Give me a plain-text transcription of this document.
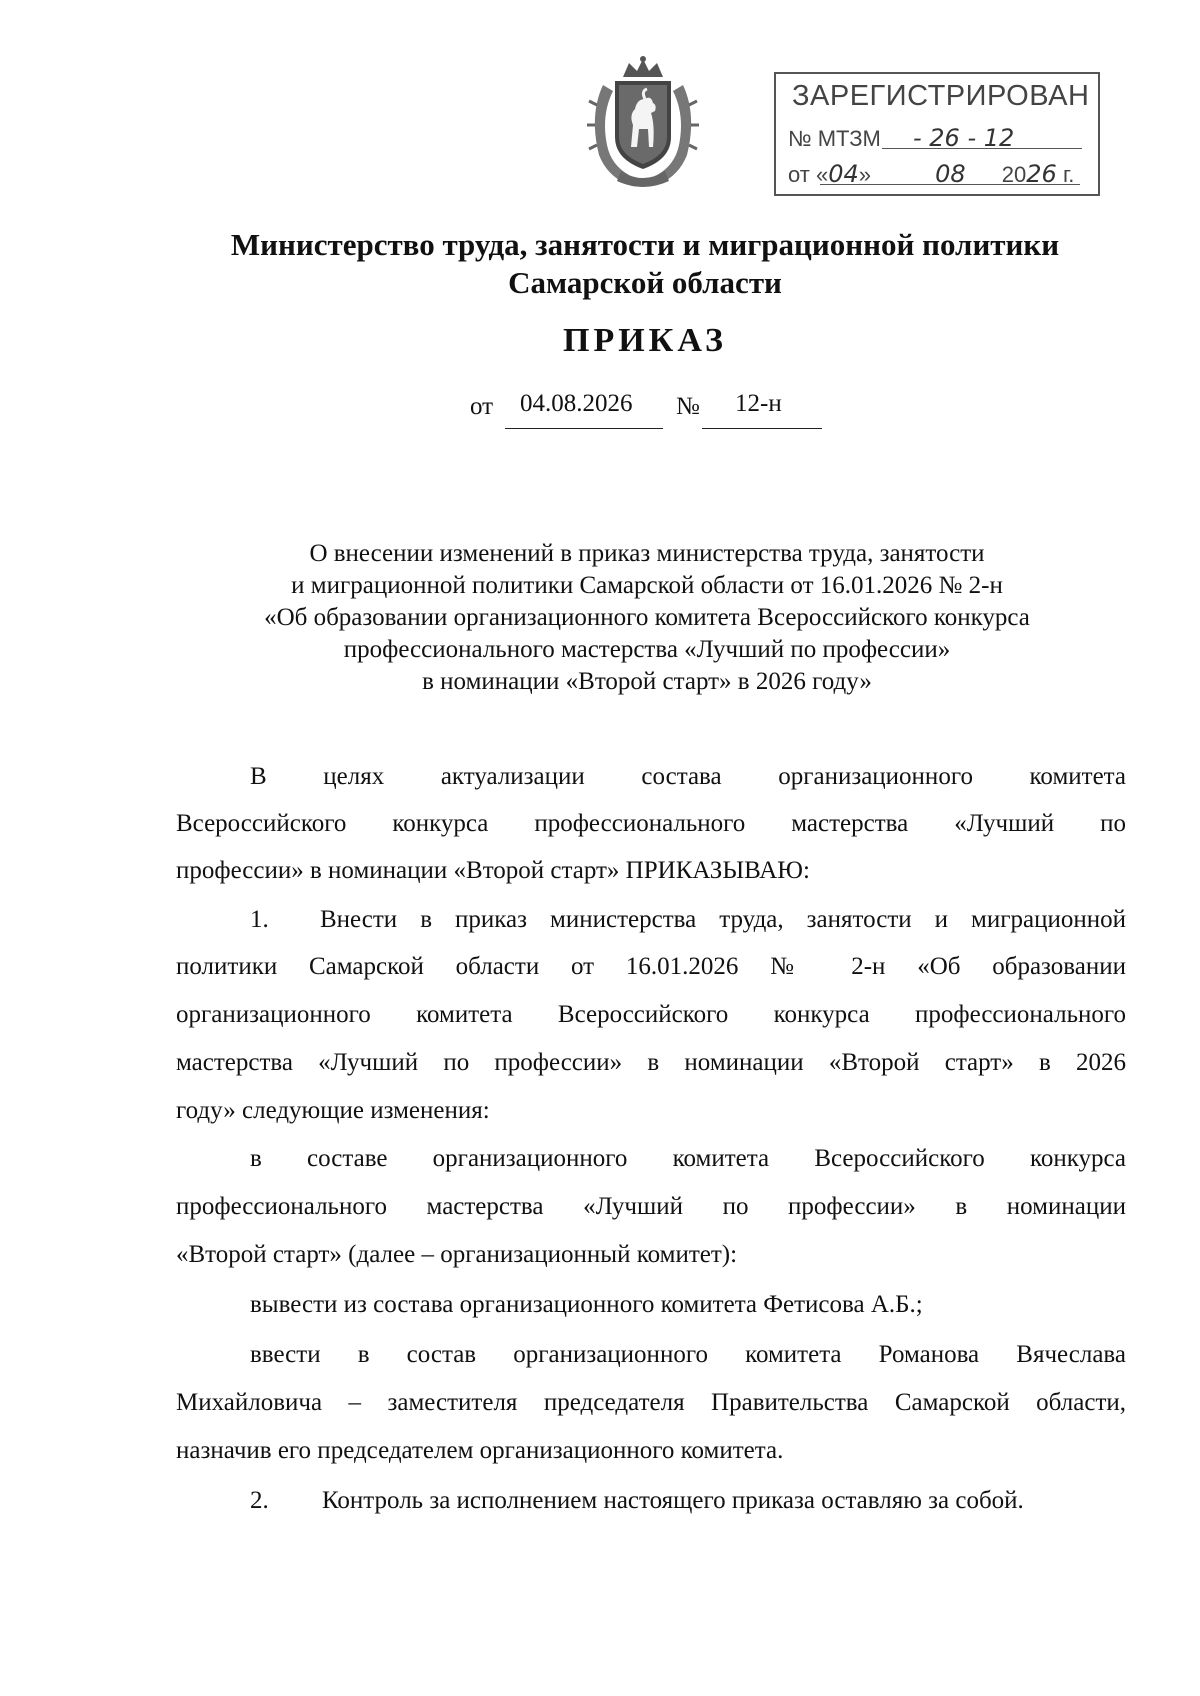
ЗАРЕГИСТРИРОВАН
№ МТЗМ - 26 - 12
от «04»	08 2026 г.
Министерство труда, занятости и миграционной политики
Самарской области
ПРИКАЗ
от 04.08.2026 № 12-н
О внесении изменений в приказ министерства труда, занятости
и миграционной политики Самарской области от 16.01.2026 № 2-н
«Об образовании организационного комитета Всероссийского конкурса
профессионального мастерства «Лучший по профессии»
в номинации «Второй старт» в 2026 году»
В целях актуализации состава организационного комитета
Всероссийского конкурса профессионального мастерства «Лучший по
профессии» в номинации «Второй старт» ПРИКАЗЫВАЮ:
Внести в приказ министерства труда, занятости и миграционной
1.
политики Самарской области от 16.01.2026 № 2-н «Об образовании
организационного комитета Всероссийского конкурса профессионального
мастерства «Лучший по профессии» в номинации «Второй старт» в 2026
году» следующие изменения:
в составе организационного комитета Всероссийского конкурса
профессионального мастерства «Лучший по профессии» в номинации
«Второй старт» (далее – организационный комитет):
вывести из состава организационного комитета Фетисова А.Б.;
ввести в состав организационного комитета Романова Вячеслава
Михайловича – заместителя председателя Правительства Самарской области,
назначив его председателем организационного комитета.
2.	Контроль за исполнением настоящего приказа оставляю за собой.
